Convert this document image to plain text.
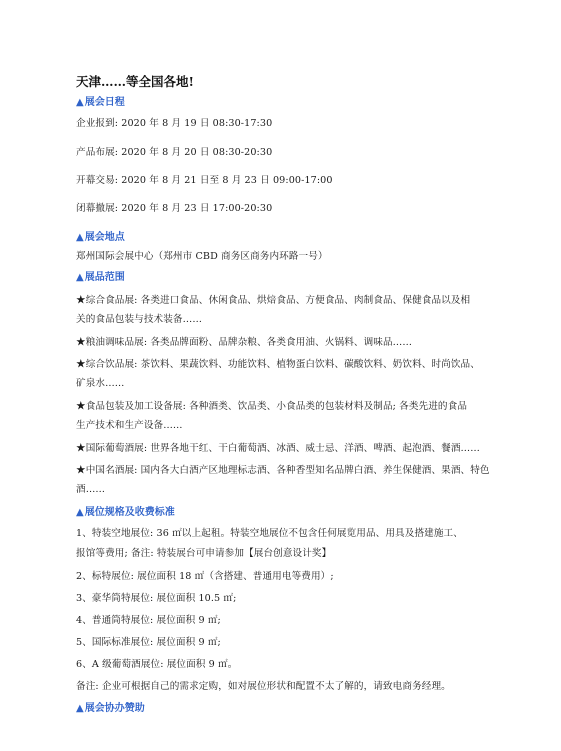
天津……等全国各地!
▲展会日程
企业报到: 2020 年 8 月 19 日 08:30-17:30
产品布展: 2020 年 8 月 20 日 08:30-20:30
开幕交易: 2020 年 8 月 21 日至 8 月 23 日 09:00-17:00
闭幕撤展: 2020 年 8 月 23 日 17:00-20:30
▲展会地点
郑州国际会展中心（郑州市 CBD 商务区商务内环路一号）
▲展品范围
★综合食品展: 各类进口食品、休闲食品、烘焙食品、方便食品、肉制食品、保健食品以及相
关的食品包装与技术装备……
★粮油调味品展: 各类品牌面粉、品牌杂粮、各类食用油、火锅料、调味品……
★综合饮品展: 茶饮料、果蔬饮料、功能饮料、植物蛋白饮料、碳酸饮料、奶饮料、时尚饮品、
矿泉水……
★食品包装及加工设备展: 各种酒类、饮品类、小食品类的包装材料及制品; 各类先进的食品
生产技术和生产设备……
★国际葡萄酒展: 世界各地干红、干白葡萄酒、冰酒、威士忌、洋酒、啤酒、起泡酒、餐酒……
★中国名酒展: 国内各大白酒产区地理标志酒、各种香型知名品牌白酒、养生保健酒、果酒、特色
酒……
▲展位规格及收费标准
1、特装空地展位: 36 ㎡以上起租。特装空地展位不包含任何展览用品、用具及搭建施工、
报馆等费用; 备注: 特装展台可申请参加【展台创意设计奖】
2、标特展位: 展位面积 18 ㎡（含搭建、普通用电等费用）;
3、豪华筒特展位: 展位面积 10.5 ㎡;
4、普通筒特展位: 展位面积 9 ㎡;
5、国际标准展位: 展位面积 9 ㎡;
6、A 级葡萄酒展位: 展位面积 9 ㎡。
备注: 企业可根据自己的需求定购，如对展位形状和配置不太了解的，请致电商务经理。
▲展会协办赞助
